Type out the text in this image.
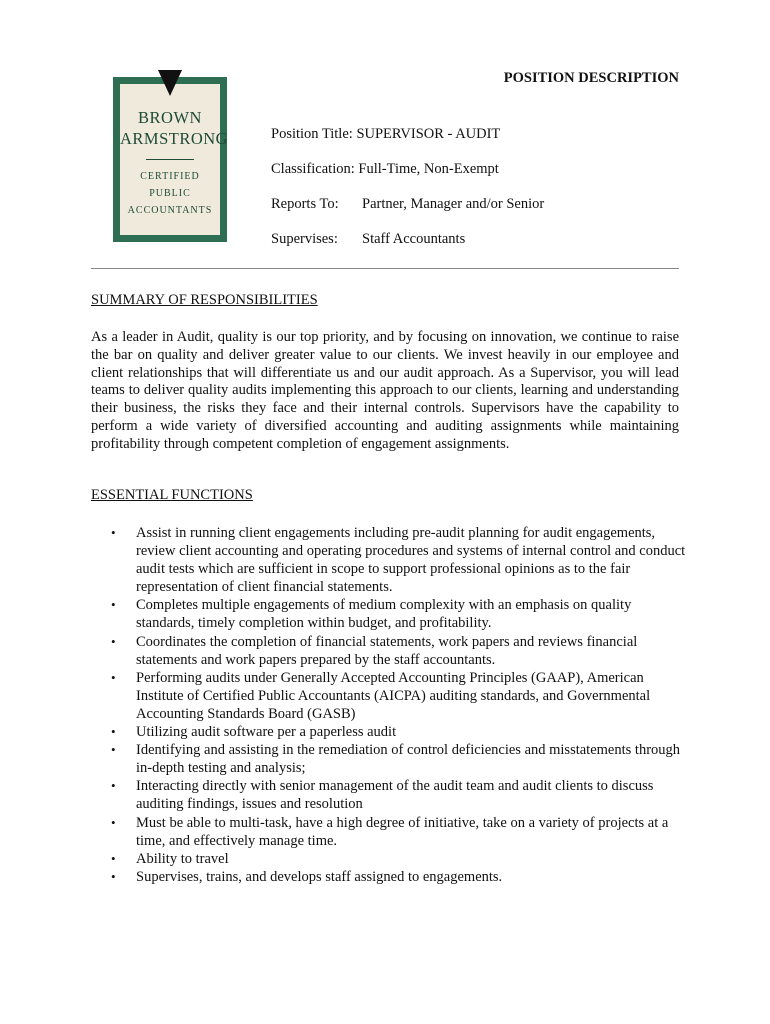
BROWN
ARMSTRONG
CERTIFIED
PUBLIC
ACCOUNTANTS
POSITION DESCRIPTION
Position Title: SUPERVISOR - AUDIT
Classification: Full-Time, Non-Exempt
Reports To: Partner, Manager and/or Senior
Supervises: Staff Accountants
SUMMARY OF RESPONSIBILITIES

As a leader in Audit, quality is our top priority, and by focusing on innovation, we continue to raise the bar on quality and deliver greater value to our clients. We invest heavily in our employee and client relationships that will differentiate us and our audit approach. As a Supervisor, you will lead teams to deliver quality audits implementing this approach to our clients, learning and understanding their business, the risks they face and their internal controls. Supervisors have the capability to perform a wide variety of diversified accounting and auditing assignments while maintaining profitability through competent completion of engagement assignments.

ESSENTIAL FUNCTIONS
• Assist in running client engagements including pre-audit planning for audit engagements, review client accounting and operating procedures and systems of internal control and conduct audit tests which are sufficient in scope to support professional opinions as to the fair representation of client financial statements.
• Completes multiple engagements of medium complexity with an emphasis on quality standards, timely completion within budget, and profitability.
• Coordinates the completion of financial statements, work papers and reviews financial statements and work papers prepared by the staff accountants.
• Performing audits under Generally Accepted Accounting Principles (GAAP), American Institute of Certified Public Accountants (AICPA) auditing standards, and Governmental Accounting Standards Board (GASB)
• Utilizing audit software per a paperless audit
• Identifying and assisting in the remediation of control deficiencies and misstatements through in-depth testing and analysis;
• Interacting directly with senior management of the audit team and audit clients to discuss auditing findings, issues and resolution
• Must be able to multi-task, have a high degree of initiative, take on a variety of projects at a time, and effectively manage time.
• Ability to travel
• Supervises, trains, and develops staff assigned to engagements.
